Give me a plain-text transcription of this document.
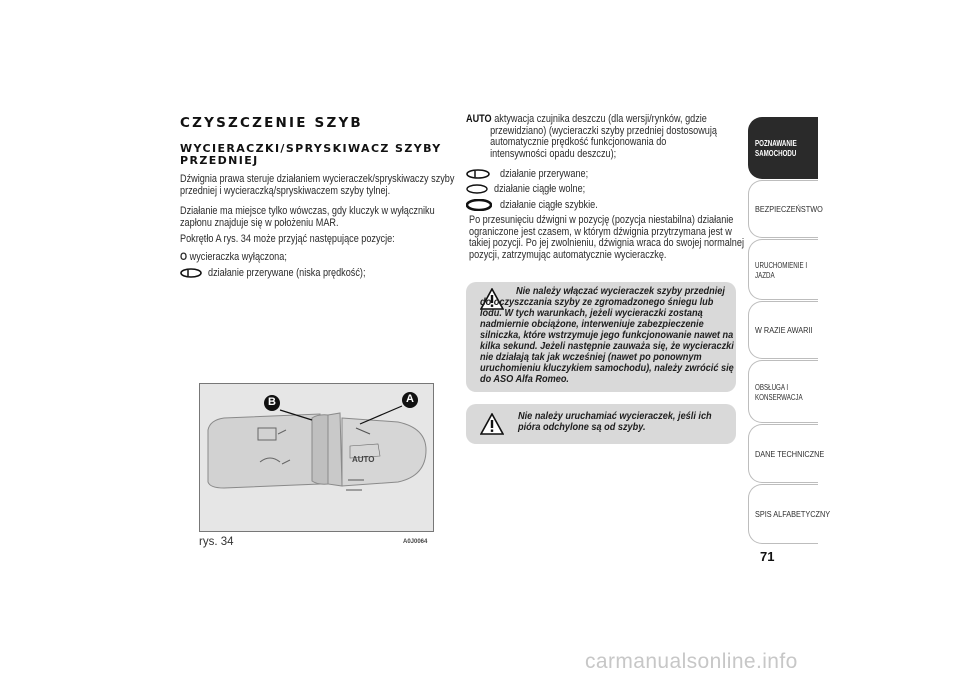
CZYSZCZENIE SZYB
WYCIERACZKI/SPRYSKIWACZ SZYBY PRZEDNIEJ
Dźwignia prawa steruje działaniem wycieraczek/spryskiwaczy szyby przedniej i wycieraczką/spryskiwaczem szyby tylnej.
Działanie ma miejsce tylko wówczas, gdy kluczyk w wyłączniku zapłonu znajduje się w położeniu MAR.
Pokrętło A rys. 34 może przyjąć następujące pozycje:
O wycieraczka wyłączona;
działanie przerywane (niska prędkość);
B	A
AUTO
rys. 34	A0J0064
AUTO aktywacja czujnika deszczu (dla wersji/rynków, gdzie
przewidziano) (wycieraczki szyby przedniej dostosowują automatycznie prędkość funkcjonowania do intensywności opadu deszczu);
działanie przerywane;
działanie ciągłe wolne;
działanie ciągłe szybkie.
Po przesunięciu dźwigni w pozycję (pozycja niestabilna) działanie ograniczone jest czasem, w którym dźwignia przytrzymana jest w takiej pozycji. Po jej zwolnieniu, dźwignia wraca do swojej normalnej pozycji, zatrzymując automatycznie wycieraczkę.
Nie należy włączać wycieraczek szyby przedniej do oczyszczania szyby ze zgromadzonego śniegu lub lodu. W tych warunkach, jeżeli wycieraczki zostaną nadmiernie obciążone, interweniuje zabezpieczenie silniczka, które wstrzymuje jego funkcjonowanie nawet na kilka sekund. Jeżeli następnie zauważa się, że wycieraczki nie działają tak jak wcześniej (nawet po ponownym uruchomieniu kluczykiem samochodu), należy zwrócić się do ASO Alfa Romeo.
Nie należy uruchamiać wycieraczek, jeśli ich pióra odchylone są od szyby.
POZNAWANIE
SAMOCHODU
BEZPIECZEŃSTWO
URUCHOMIENIE I
JAZDA
W RAZIE AWARII
OBSŁUGA I
KONSERWACJA
DANE TECHNICZNE
SPIS ALFABETYCZNY
71
carmanualsonline.info
